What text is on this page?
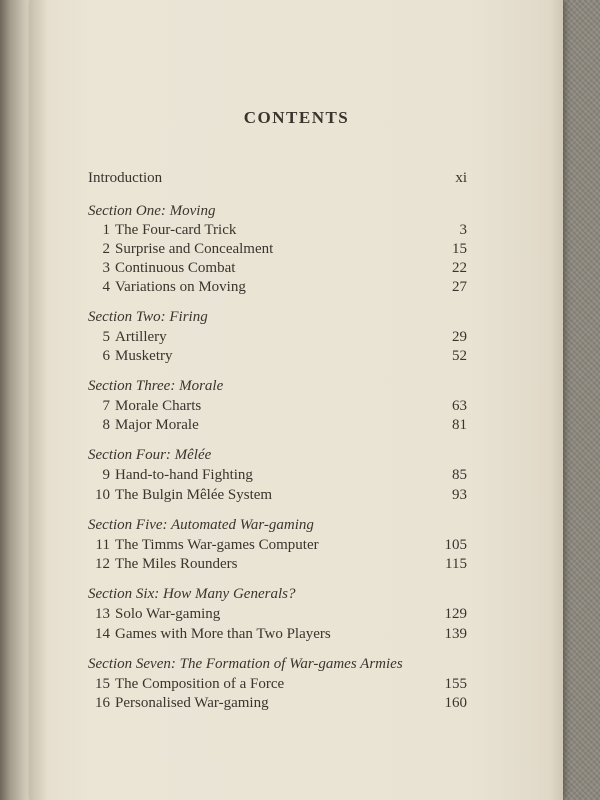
CONTENTS
Introduction	xi
Section One: Moving
1 The Four-card Trick	3
2 Surprise and Concealment	15
3 Continuous Combat	22
4 Variations on Moving	27
Section Two: Firing
5 Artillery	29
6 Musketry	52
Section Three: Morale
7 Morale Charts	63
8 Major Morale	81
Section Four: Mêlée
9 Hand-to-hand Fighting	85
10 The Bulgin Mêlée System	93
Section Five: Automated War-gaming
11 The Timms War-games Computer	105
12 The Miles Rounders	115
Section Six: How Many Generals?
13 Solo War-gaming	129
14 Games with More than Two Players	139
Section Seven: The Formation of War-games Armies
15 The Composition of a Force	155
16 Personalised War-gaming	160
